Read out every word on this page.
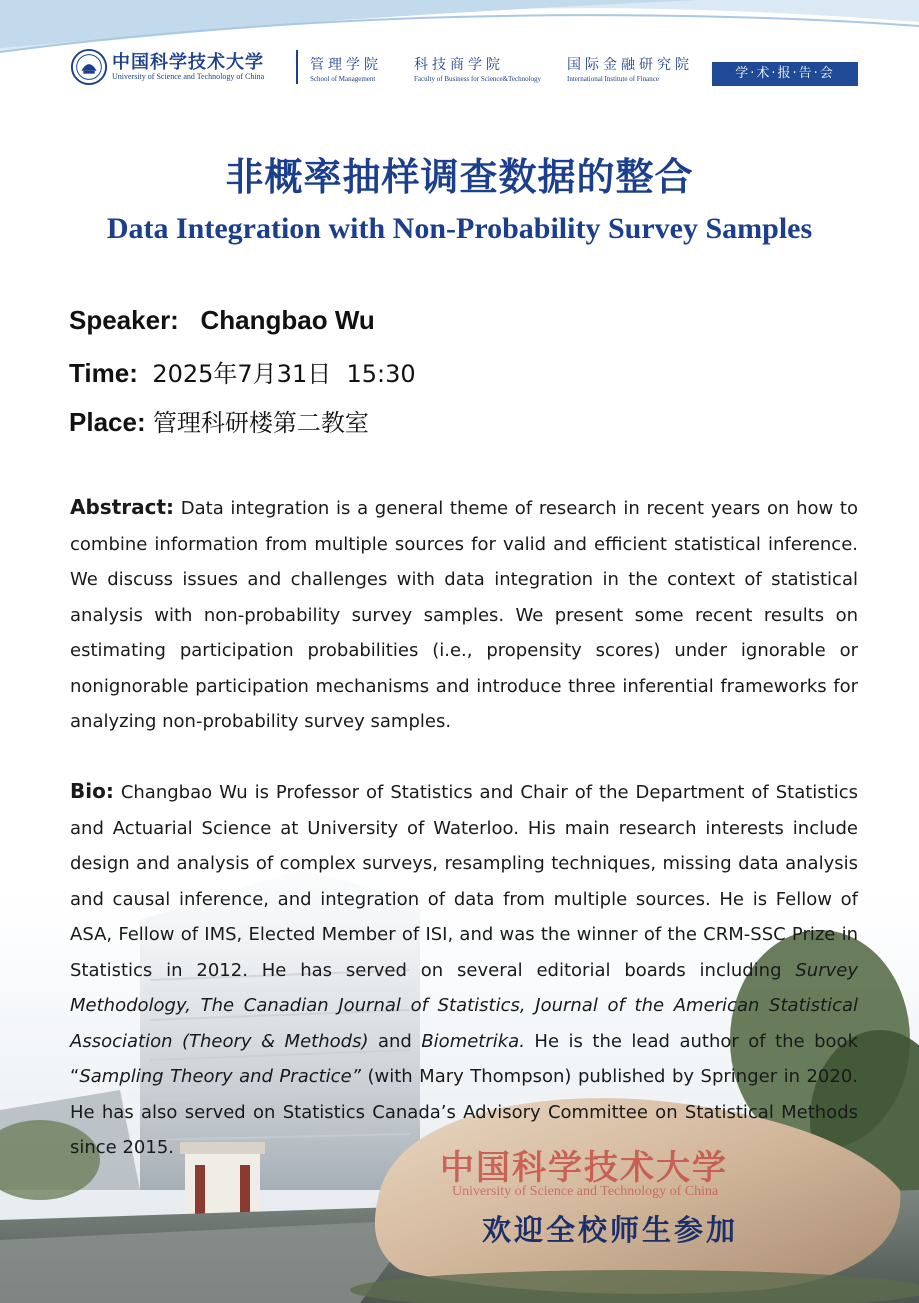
中国科学技术大学
University of Science and Technology of China
管理学院
School of Management
科技商学院
Faculty of Business for Science&Technology
国际金融研究院
International Institute of Finance	学·术·报·告·会
非概率抽样调查数据的整合
Data Integration with Non-Probability Survey Samples
Speaker: Changbao Wu
Time: 2025年7月31日  15:30
Place: 管理科研楼第二教室
Abstract: Data integration is a general theme of research in recent years on how to combine information from multiple sources for valid and efficient statistical inference. We discuss issues and challenges with data integration in the context of statistical analysis with non-probability survey samples. We present some recent results on estimating participation probabilities (i.e., propensity scores) under ignorable or nonignorable participation mechanisms and introduce three inferential frameworks for analyzing non-probability survey samples.
Bio: Changbao Wu is Professor of Statistics and Chair of the Department of Statistics and Actuarial Science at University of Waterloo. His main research interests include design and analysis of complex surveys, resampling techniques, missing data analysis and causal inference, and integration of data from multiple sources. He is Fellow of ASA, Fellow of IMS, Elected Member of ISI, and was the winner of the CRM-SSC Prize in Statistics in 2012. He has served on several editorial boards including Survey Methodology, The Canadian Journal of Statistics, Journal of the American Statistical Association (Theory & Methods) and Biometrika. He is the lead author of the book “Sampling Theory and Practice” (with Mary Thompson) published by Springer in 2020. He has also served on Statistics Canada’s Advisory Committee on Statistical Methods since 2015.
中国科学技术大学
University of Science and Technology of China
欢迎全校师生参加
